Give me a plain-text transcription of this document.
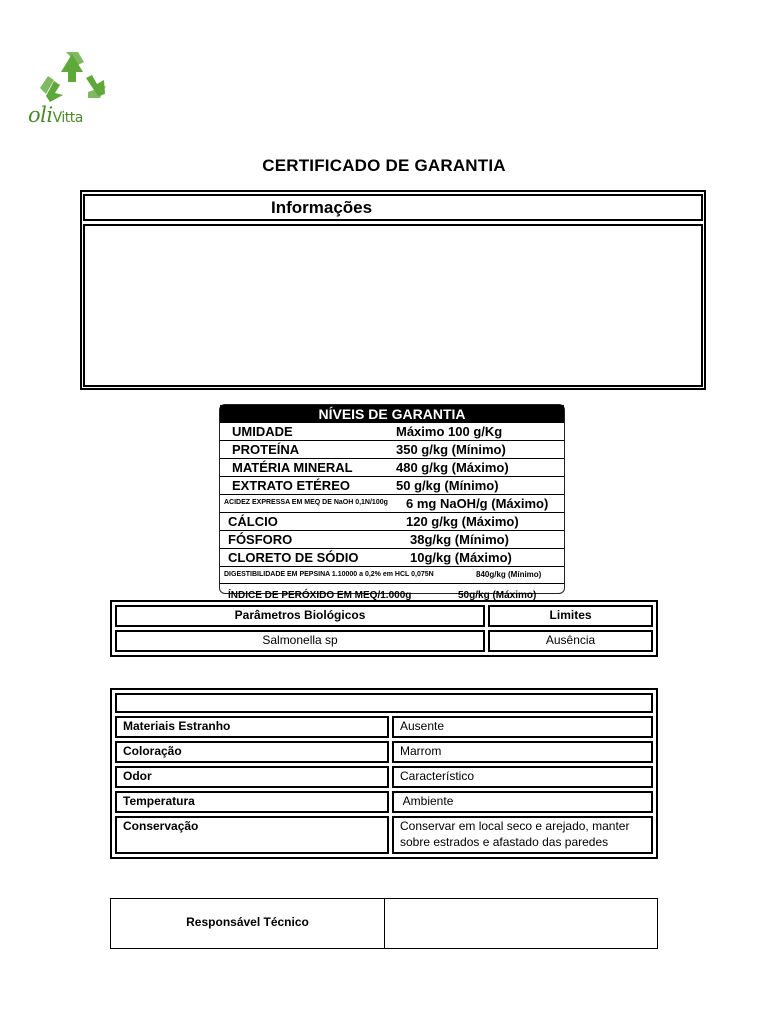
oliVitta
CERTIFICADO DE GARANTIA
Informações
NÍVEIS DE GARANTIA
UMIDADE	Máximo 100 g/Kg
PROTEÍNA	350 g/kg (Mínimo)
MATÉRIA MINERAL	480 g/kg (Máximo)
EXTRATO ETÉREO	50 g/kg (Mínimo)
ACIDEZ EXPRESSA EM MEQ DE NaOH 0,1N/100g 6 mg NaOH/g (Máximo)
CÁLCIO	120 g/kg (Máximo)
FÓSFORO	38g/kg (Mínimo)
CLORETO DE SÓDIO	10g/kg (Máximo)
DIGESTIBILIDADE EM PEPSINA 1.10000 a 0,2% em HCL 0,075N	840g/kg (Mínimo)
ÍNDICE DE PERÓXIDO EM MEQ/1.000g	50g/kg (Máximo)
Parâmetros Biológicos	Limites
Salmonella sp	Ausência

Materiais Estranho	Ausente
Coloração	Marrom
Odor	Característico
Temperatura	Ambiente
Conservação	Conservar em local seco e arejado, manter sobre estrados e afastado das paredes
Responsável Técnico
